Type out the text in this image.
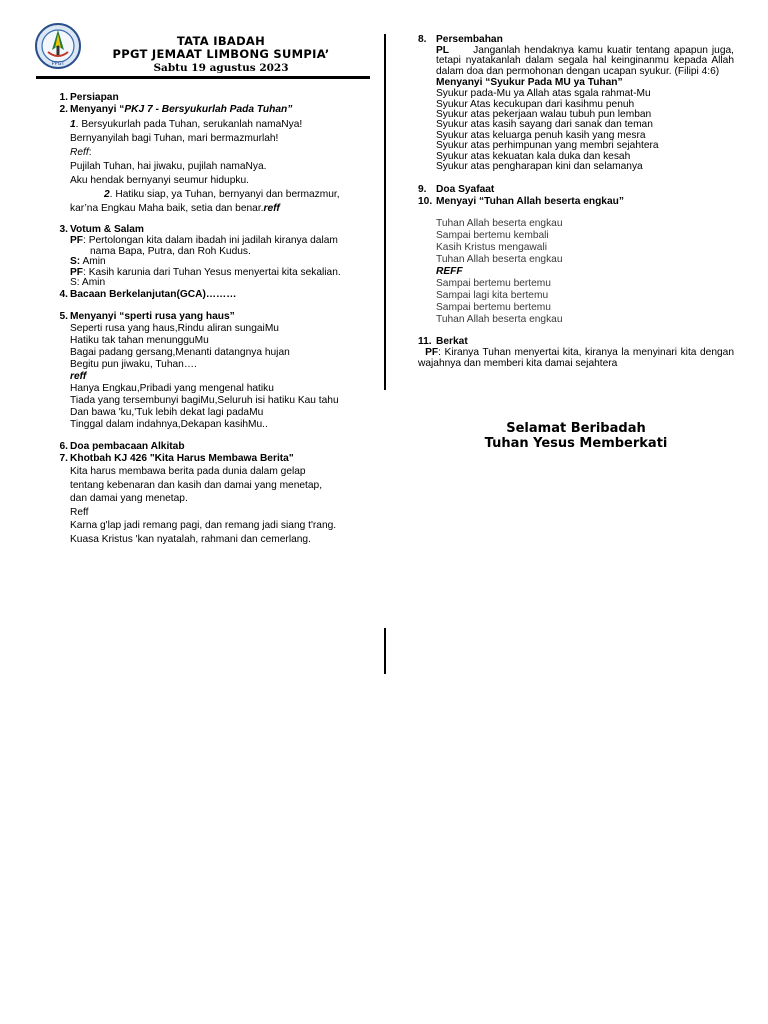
PPGT
TATA IBADAH
PPGT JEMAAT LIMBONG SUMPIA’
Sabtu 19 agustus 2023
1. Persiapan
2. Menyanyi “PKJ 7 - Bersyukurlah Pada Tuhan”

1. Bersyukurlah pada Tuhan, serukanlah namaNya!

Bernyanyilah bagi Tuhan, mari bermazmurlah!

Reff:

Pujilah Tuhan, hai jiwaku, pujilah namaNya.

Aku hendak bernyanyi seumur hidupku.

2. Hatiku siap, ya Tuhan, bernyanyi dan bermazmur,

kar’na Engkau Maha baik, setia dan benar.reff

3. Votum & Salam

PF: Pertolongan kita dalam ibadah ini jadilah kiranya dalam

nama Bapa, Putra, dan Roh Kudus.

S: Amin

PF: Kasih karunia dari Tuhan Yesus menyertai kita sekalian.

S: Amin

4. Bacaan Berkelanjutan(GCA)………
5. Menyanyi “sperti rusa yang haus”

Seperti rusa yang haus,Rindu aliran sungaiMu

Hatiku tak tahan menungguMu

Bagai padang gersang,Menanti datangnya hujan

Begitu pun jiwaku, Tuhan….

reff

Hanya Engkau,Pribadi yang mengenal hatiku

Tiada yang tersembunyi bagiMu,Seluruh isi hatiku Kau tahu

Dan bawa 'ku,'Tuk lebih dekat lagi padaMu

Tinggal dalam indahnya,Dekapan kasihMu..

6. Doa pembacaan Alkitab
7. Khotbah KJ 426 "Kita Harus Membawa Berita"

Kita harus membawa berita pada dunia dalam gelap

tentang kebenaran dan kasih dan damai yang menetap,

dan damai yang menetap.

Reff

Karna g'lap jadi remang pagi, dan remang jadi siang t'rang.

Kuasa Kristus 'kan nyatalah, rahmani dan cemerlang.

8. Persembahan

PL Janganlah hendaknya kamu kuatir tentang apapun juga, tetapi nyatakanlah dalam segala hal keinginanmu kepada Allah dalam doa dan permohonan dengan ucapan syukur. (Filipi 4:6)

Menyanyi “Syukur Pada MU ya Tuhan”

Syukur pada-Mu ya Allah atas sgala rahmat-Mu

Syukur Atas kecukupan dari kasihmu penuh

Syukur atas pekerjaan walau tubuh pun lemban

Syukur atas kasih sayang dari sanak dan teman

Syukur atas keluarga penuh kasih yang mesra

Syukur atas perhimpunan yang membri sejahtera

Syukur atas kekuatan kala duka dan kesah

Syukur atas pengharapan kini dan selamanya

9. Doa Syafaat
10. Menyayi “Tuhan Allah beserta engkau”

Tuhan Allah beserta engkau

Sampai bertemu kembali

Kasih Kristus mengawali

Tuhan Allah beserta engkau

REFF

Sampai bertemu bertemu

Sampai lagi kita bertemu

Sampai bertemu bertemu

Tuhan Allah beserta engkau

11. Berkat

PF: Kiranya Tuhan menyertai kita, kiranya la menyinari kita dengan wajahnya dan memberi kita damai sejahtera

Selamat Beribadah
Tuhan Yesus Memberkati
